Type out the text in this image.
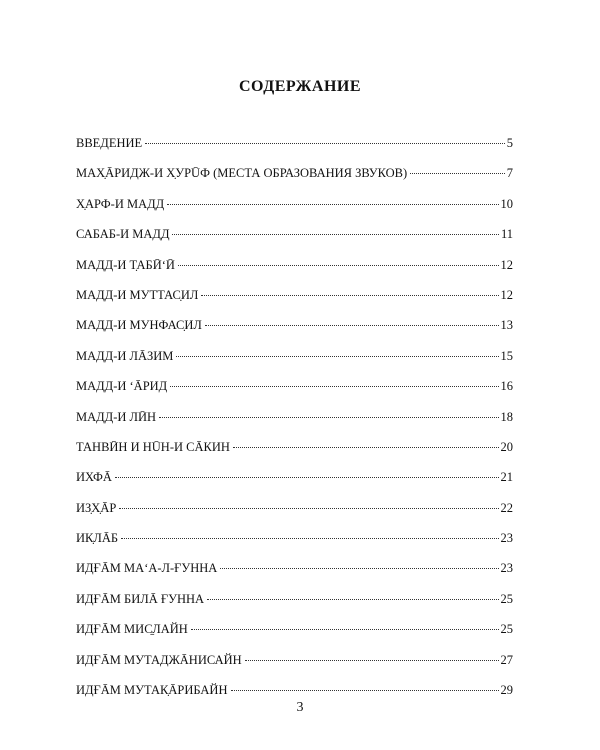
СОДЕРЖАНИЕ
ВВЕДЕНИЕ	5
МАХ̣ĀРИДЖ-И Х̣УРŪФ (МЕСТА ОБРАЗОВАНИЯ ЗВУКОВ)	7
Х̣АРФ-И МАДД	10
САБАБ-И МАДД	11
МАДД-И Т̣АБӢʻӢ	12
МАДД-И МУТТАС̣ИЛ	12
МАДД-И МУНФАС̣ИЛ	13
МАДД-И ЛĀЗИМ	15
МАДД-И ʻĀРИД	16
МАДД-И ЛӢН	18
ТАНВӢН И НŪН-И СĀКИН	20
ИХФĀ	21
ИЗ̣Х̣ĀР	22
ИК̣ЛĀБ	23
ИДҒĀМ МАʻА-Л-ҒУННА	23
ИДҒĀМ БИЛĀ ҒУННА	25
ИДҒĀМ МИС̱ЛАЙН	25
ИДҒĀМ МУТАДЖĀНИСАЙН	27
ИДҒĀМ МУТАК̣ĀРИБАЙН	29
3
